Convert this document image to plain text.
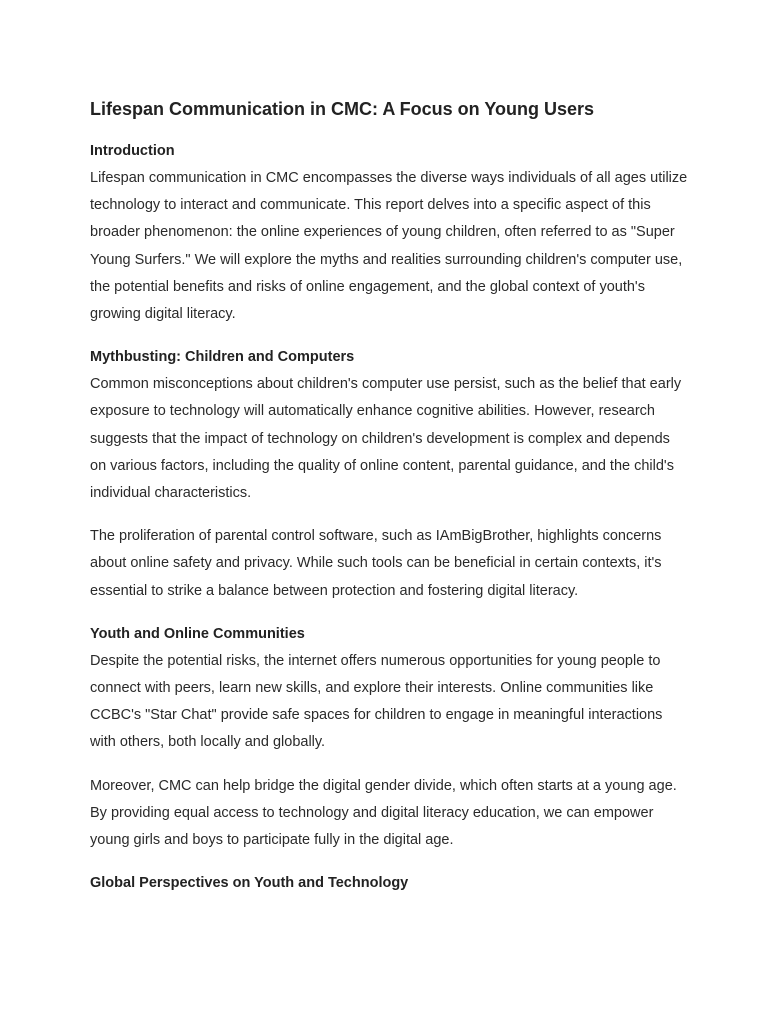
Lifespan Communication in CMC: A Focus on Young Users
Introduction

Lifespan communication in CMC encompasses the diverse ways individuals of all ages utilize technology to interact and communicate. This report delves into a specific aspect of this broader phenomenon: the online experiences of young children, often referred to as "Super Young Surfers." We will explore the myths and realities surrounding children's computer use, the potential benefits and risks of online engagement, and the global context of youth's growing digital literacy.

Mythbusting: Children and Computers

Common misconceptions about children's computer use persist, such as the belief that early exposure to technology will automatically enhance cognitive abilities. However, research suggests that the impact of technology on children's development is complex and depends on various factors, including the quality of online content, parental guidance, and the child's individual characteristics.

The proliferation of parental control software, such as IAmBigBrother, highlights concerns about online safety and privacy. While such tools can be beneficial in certain contexts, it's essential to strike a balance between protection and fostering digital literacy.

Youth and Online Communities

Despite the potential risks, the internet offers numerous opportunities for young people to connect with peers, learn new skills, and explore their interests. Online communities like CCBC's "Star Chat" provide safe spaces for children to engage in meaningful interactions with others, both locally and globally.

Moreover, CMC can help bridge the digital gender divide, which often starts at a young age. By providing equal access to technology and digital literacy education, we can empower young girls and boys to participate fully in the digital age.

Global Perspectives on Youth and Technology
